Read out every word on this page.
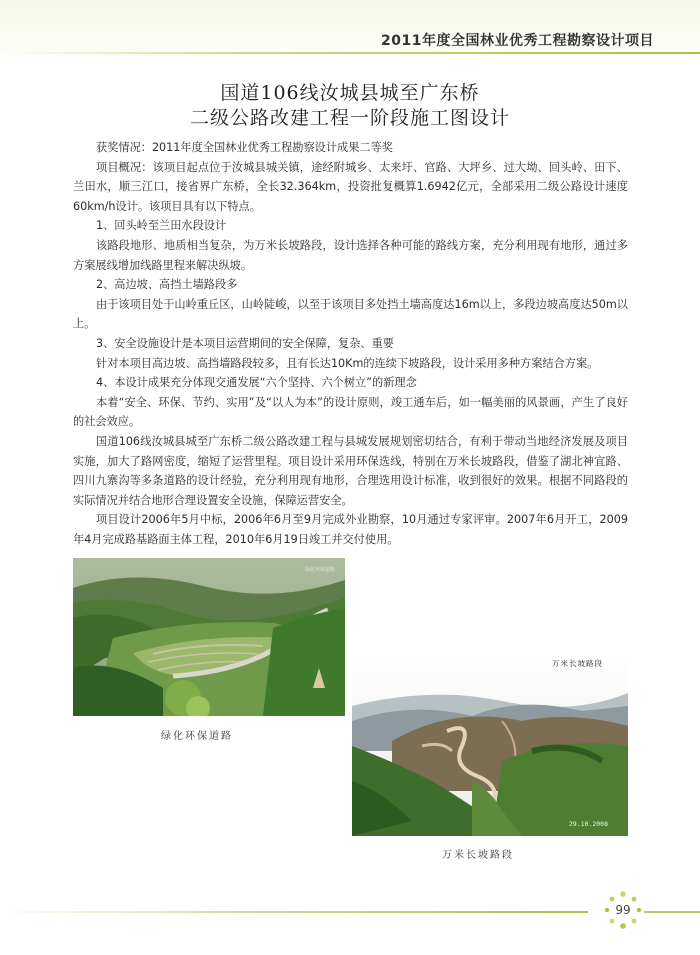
2011年度全国林业优秀工程勘察设计项目
国道106线汝城县城至广东桥
二级公路改建工程一阶段施工图设计

获奖情况：2011年度全国林业优秀工程勘察设计成果二等奖

项目概况：该项目起点位于汝城县城关镇，途经附城乡、太来圩、官路、大坪乡、过大坳、回头岭、田下、兰田水，顺三江口，接省界广东桥，全长32.364km，投资批复概算1.6942亿元，全部采用二级公路设计速度60km/h设计。该项目具有以下特点。

1、回头岭至兰田水段设计

该路段地形、地质相当复杂，为万米长坡路段，设计选择各种可能的路线方案，充分利用现有地形，通过多方案展线增加线路里程来解决纵坡。

2、高边坡、高挡土墙路段多

由于该项目处于山岭重丘区，山岭陡峻，以至于该项目多处挡土墙高度达16m以上，多段边坡高度达50m以上。

3、安全设施设计是本项目运营期间的安全保障，复杂、重要

针对本项目高边坡、高挡墙路段较多，且有长达10Km的连续下坡路段，设计采用多种方案结合方案。

4、本设计成果充分体现交通发展“六个坚持、六个树立”的新理念

本着“安全、环保、节约、实用”及“以人为本”的设计原则，竣工通车后，如一幅美丽的风景画，产生了良好的社会效应。

国道106线汝城县城至广东桥二级公路改建工程与县城发展规划密切结合，有利于带动当地经济发展及项目实施，加大了路网密度，缩短了运营里程。项目设计采用环保选线，特别在万米长坡路段，借鉴了湖北神宜路、四川九寨沟等多条道路的设计经验，充分利用现有地形，合理选用设计标准，收到很好的效果。根据不同路段的实际情况并结合地形合理设置安全设施，保障运营安全。

项目设计2006年5月中标，2006年6月至9月完成外业勘察，10月通过专家评审。2007年6月开工，2009年4月完成路基路面主体工程，2010年6月19日竣工并交付使用。

绿化环保道路
绿化环保道路
万米长坡路段
29.10.2008
万米长坡路段
99
